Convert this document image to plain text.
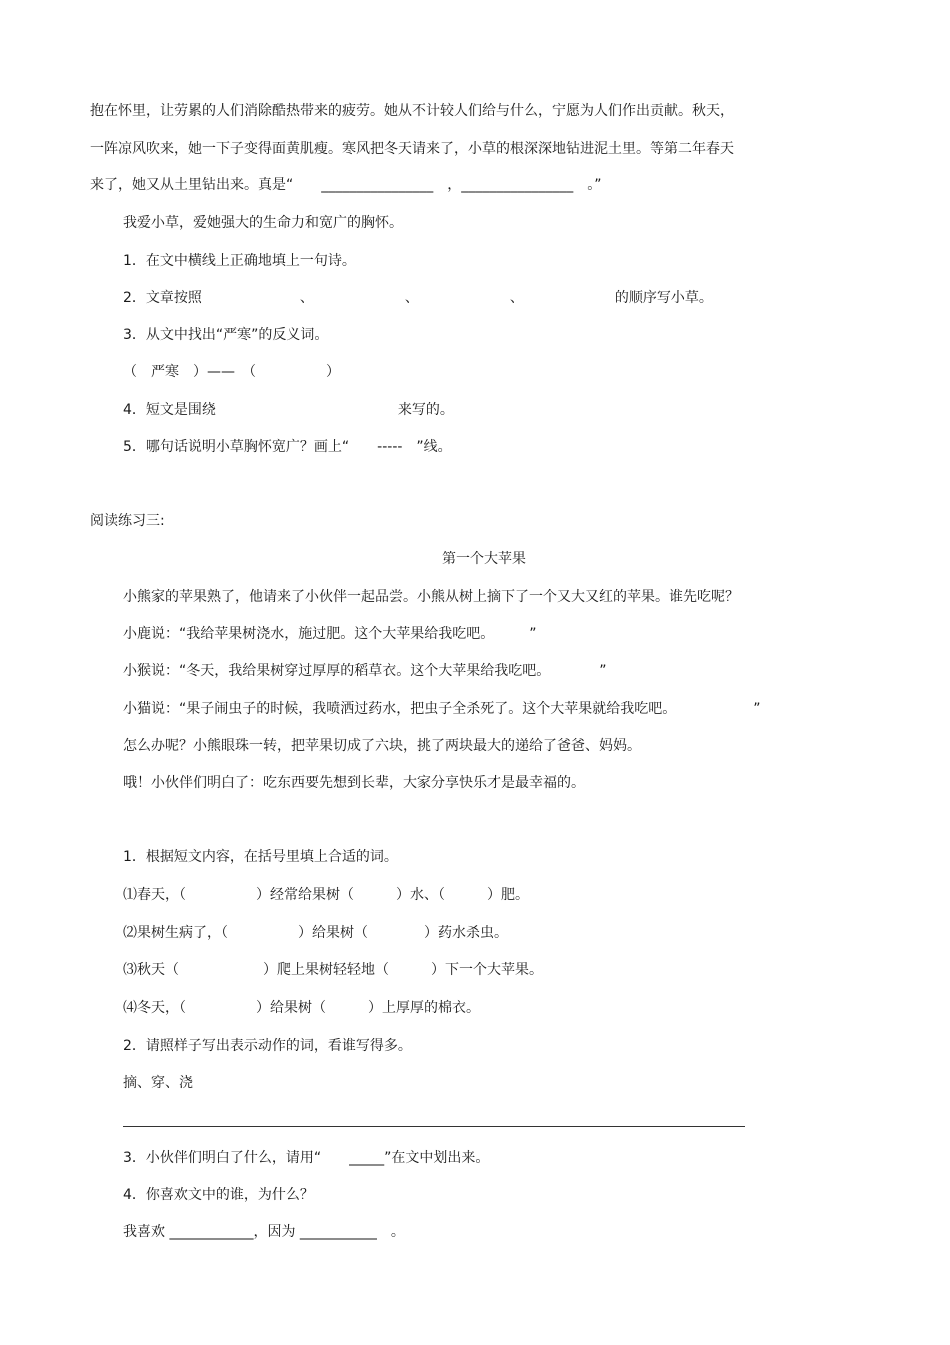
抱在怀里，让劳累的人们消除酷热带来的疲劳。她从不计较人们给与什么，宁愿为人们作出贡献。秋天，
一阵凉风吹来，她一下子变得面黄肌瘦。寒风把冬天请来了，小草的根深深地钻进泥土里。等第二年春天
来了，她又从土里钻出来。真是“　　________________　，________________　。”
我爱小草，爱她强大的生命力和宽广的胸怀。
1．在文中横线上正确地填上一句诗。
2．文章按照　　　　　　　、　　　　　　　、　　　　　　　、　　　　　　　的顺序写小草。
3．从文中找出“严寒”的反义词。
（　严寒　）——　（　　　　　）
4．短文是围绕　　　　　　　　　　　　　来写的。
5．哪句话说明小草胸怀宽广？画上“　　-----　”线。
阅读练习三:
第一个大苹果
小熊家的苹果熟了，他请来了小伙伴一起品尝。小熊从树上摘下了一个又大又红的苹果。谁先吃呢？
小鹿说：“我给苹果树浇水，施过肥。这个大苹果给我吃吧。　　　”
小猴说：“冬天，我给果树穿过厚厚的稻草衣。这个大苹果给我吃吧。　　　　”
小猫说：“果子闹虫子的时候，我喷洒过药水，把虫子全杀死了。这个大苹果就给我吃吧。　　　　　　”
怎么办呢？小熊眼珠一转，把苹果切成了六块，挑了两块最大的递给了爸爸、妈妈。
哦！小伙伴们明白了：吃东西要先想到长辈，大家分享快乐才是最幸福的。
1．根据短文内容，在括号里填上合适的词。
⑴春天，（　　　　　）经常给果树（　　　）水、（　　　）肥。
⑵果树生病了，（　　　　　）给果树（　　　　）药水杀虫。
⑶秋天（　　　　　　）爬上果树轻轻地（　　　）下一个大苹果。
⑷冬天，（　　　　　）给果树（　　　）上厚厚的棉衣。
2．请照样子写出表示动作的词，看谁写得多。
摘、穿、浇
3．小伙伴们明白了什么，请用“　　_____”在文中划出来。
4．你喜欢文中的谁，为什么？
我喜欢 ____________，因为 ___________　。
